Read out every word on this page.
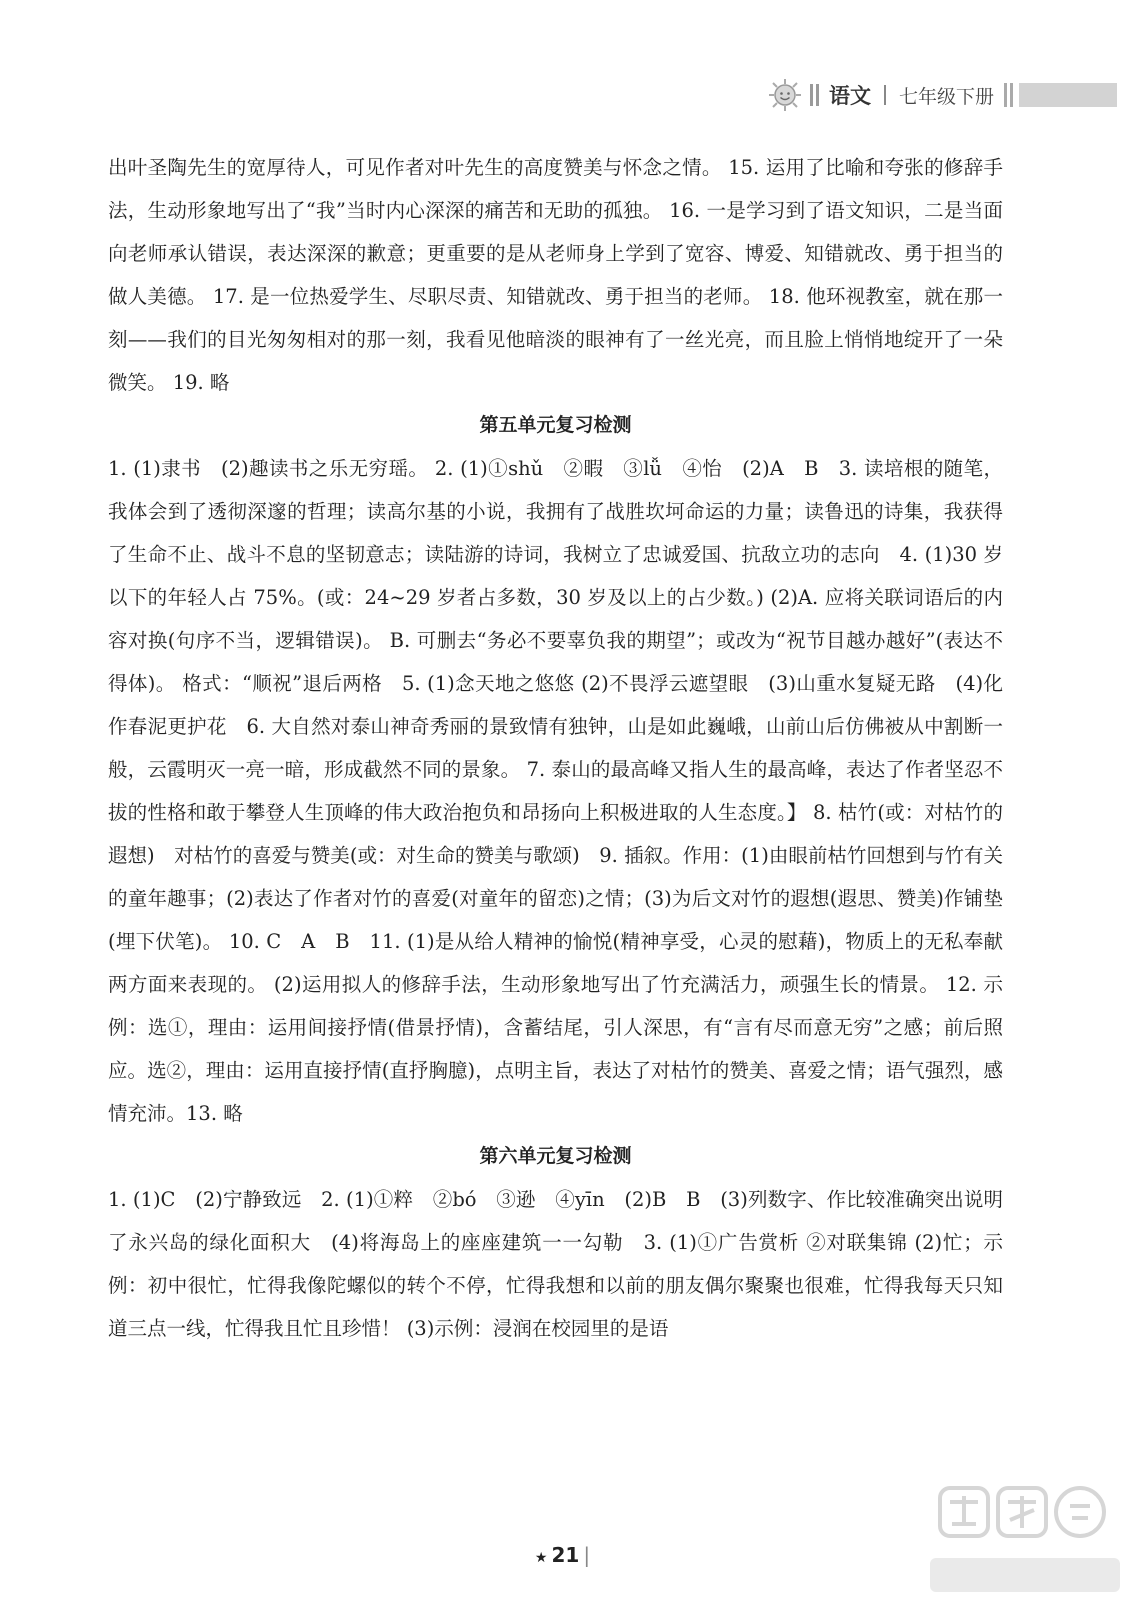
语文 七年级下册

出叶圣陶先生的宽厚待人，可见作者对叶先生的高度赞美与怀念之情。 15. 运用了比喻和夸张的修辞手法，生动形象地写出了“我”当时内心深深的痛苦和无助的孤独。 16. 一是学习到了语文知识，二是当面向老师承认错误，表达深深的歉意；更重要的是从老师身上学到了宽容、博爱、知错就改、勇于担当的做人美德。 17. 是一位热爱学生、尽职尽责、知错就改、勇于担当的老师。 18. 他环视教室，就在那一刻——我们的目光匆匆相对的那一刻，我看见他暗淡的眼神有了一丝光亮，而且脸上悄悄地绽开了一朵微笑。 19. 略

第五单元复习检测

1. (1)隶书　(2)趣读书之乐无穷瑶。 2. (1)①shǔ　②暇　③lǚ　④怡　(2)A　B　3. 读培根的随笔，我体会到了透彻深邃的哲理；读高尔基的小说，我拥有了战胜坎坷命运的力量；读鲁迅的诗集，我获得了生命不止、战斗不息的坚韧意志；读陆游的诗词，我树立了忠诚爱国、抗敌立功的志向　4. (1)30 岁以下的年轻人占 75%。(或：24~29 岁者占多数，30 岁及以上的占少数。) (2)A. 应将关联词语后的内容对换(句序不当，逻辑错误)。 B. 可删去“务必不要辜负我的期望”；或改为“祝节目越办越好”(表达不得体)。 格式：“顺祝”退后两格　5. (1)念天地之悠悠 (2)不畏浮云遮望眼　(3)山重水复疑无路　(4)化作春泥更护花　6. 大自然对泰山神奇秀丽的景致情有独钟，山是如此巍峨，山前山后仿佛被从中割断一般，云霞明灭一亮一暗，形成截然不同的景象。 7. 泰山的最高峰又指人生的最高峰，表达了作者坚忍不拔的性格和敢于攀登人生顶峰的伟大政治抱负和昂扬向上积极进取的人生态度。】 8. 枯竹(或：对枯竹的遐想)　对枯竹的喜爱与赞美(或：对生命的赞美与歌颂)　9. 插叙。作用：(1)由眼前枯竹回想到与竹有关的童年趣事；(2)表达了作者对竹的喜爱(对童年的留恋)之情；(3)为后文对竹的遐想(遐思、赞美)作铺垫(埋下伏笔)。 10. C　A　B　11. (1)是从给人精神的愉悦(精神享受，心灵的慰藉)，物质上的无私奉献两方面来表现的。 (2)运用拟人的修辞手法，生动形象地写出了竹充满活力，顽强生长的情景。 12. 示例：选①，理由：运用间接抒情(借景抒情)，含蓄结尾，引人深思，有“言有尽而意无穷”之感；前后照应。选②，理由：运用直接抒情(直抒胸臆)，点明主旨，表达了对枯竹的赞美、喜爱之情；语气强烈，感情充沛。13. 略

第六单元复习检测

1. (1)C　(2)宁静致远　2. (1)①粹　②bó　③逊　④yīn　(2)B　B　(3)列数字、作比较准确突出说明了永兴岛的绿化面积大　(4)将海岛上的座座建筑一一勾勒　3. (1)①广告赏析 ②对联集锦 (2)忙；示例：初中很忙，忙得我像陀螺似的转个不停，忙得我想和以前的朋友偶尔聚聚也很难，忙得我每天只知道三点一线，忙得我且忙且珍惜！ (3)示例：浸润在校园里的是语

★ 21 |
